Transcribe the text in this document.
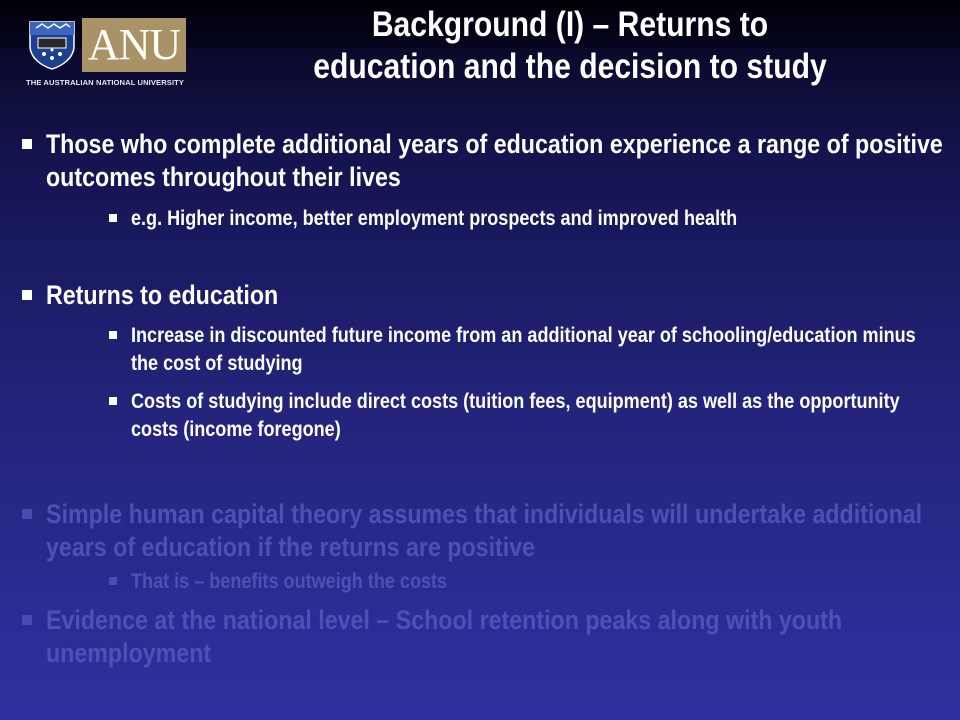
ANU
THE AUSTRALIAN NATIONAL UNIVERSITY
Background (I) – Returns to
education and the decision to study
Those who complete additional years of education experience a range of positive outcomes throughout their lives
e.g. Higher income, better employment prospects and improved health
Returns to education
Increase in discounted future income from an additional year of schooling/education minus the cost of studying
Costs of studying include direct costs (tuition fees, equipment) as well as the opportunity costs (income foregone)
Simple human capital theory assumes that individuals will undertake additional years of education if the returns are positive
That is – benefits outweigh the costs
Evidence at the national level – School retention peaks along with youth unemployment
